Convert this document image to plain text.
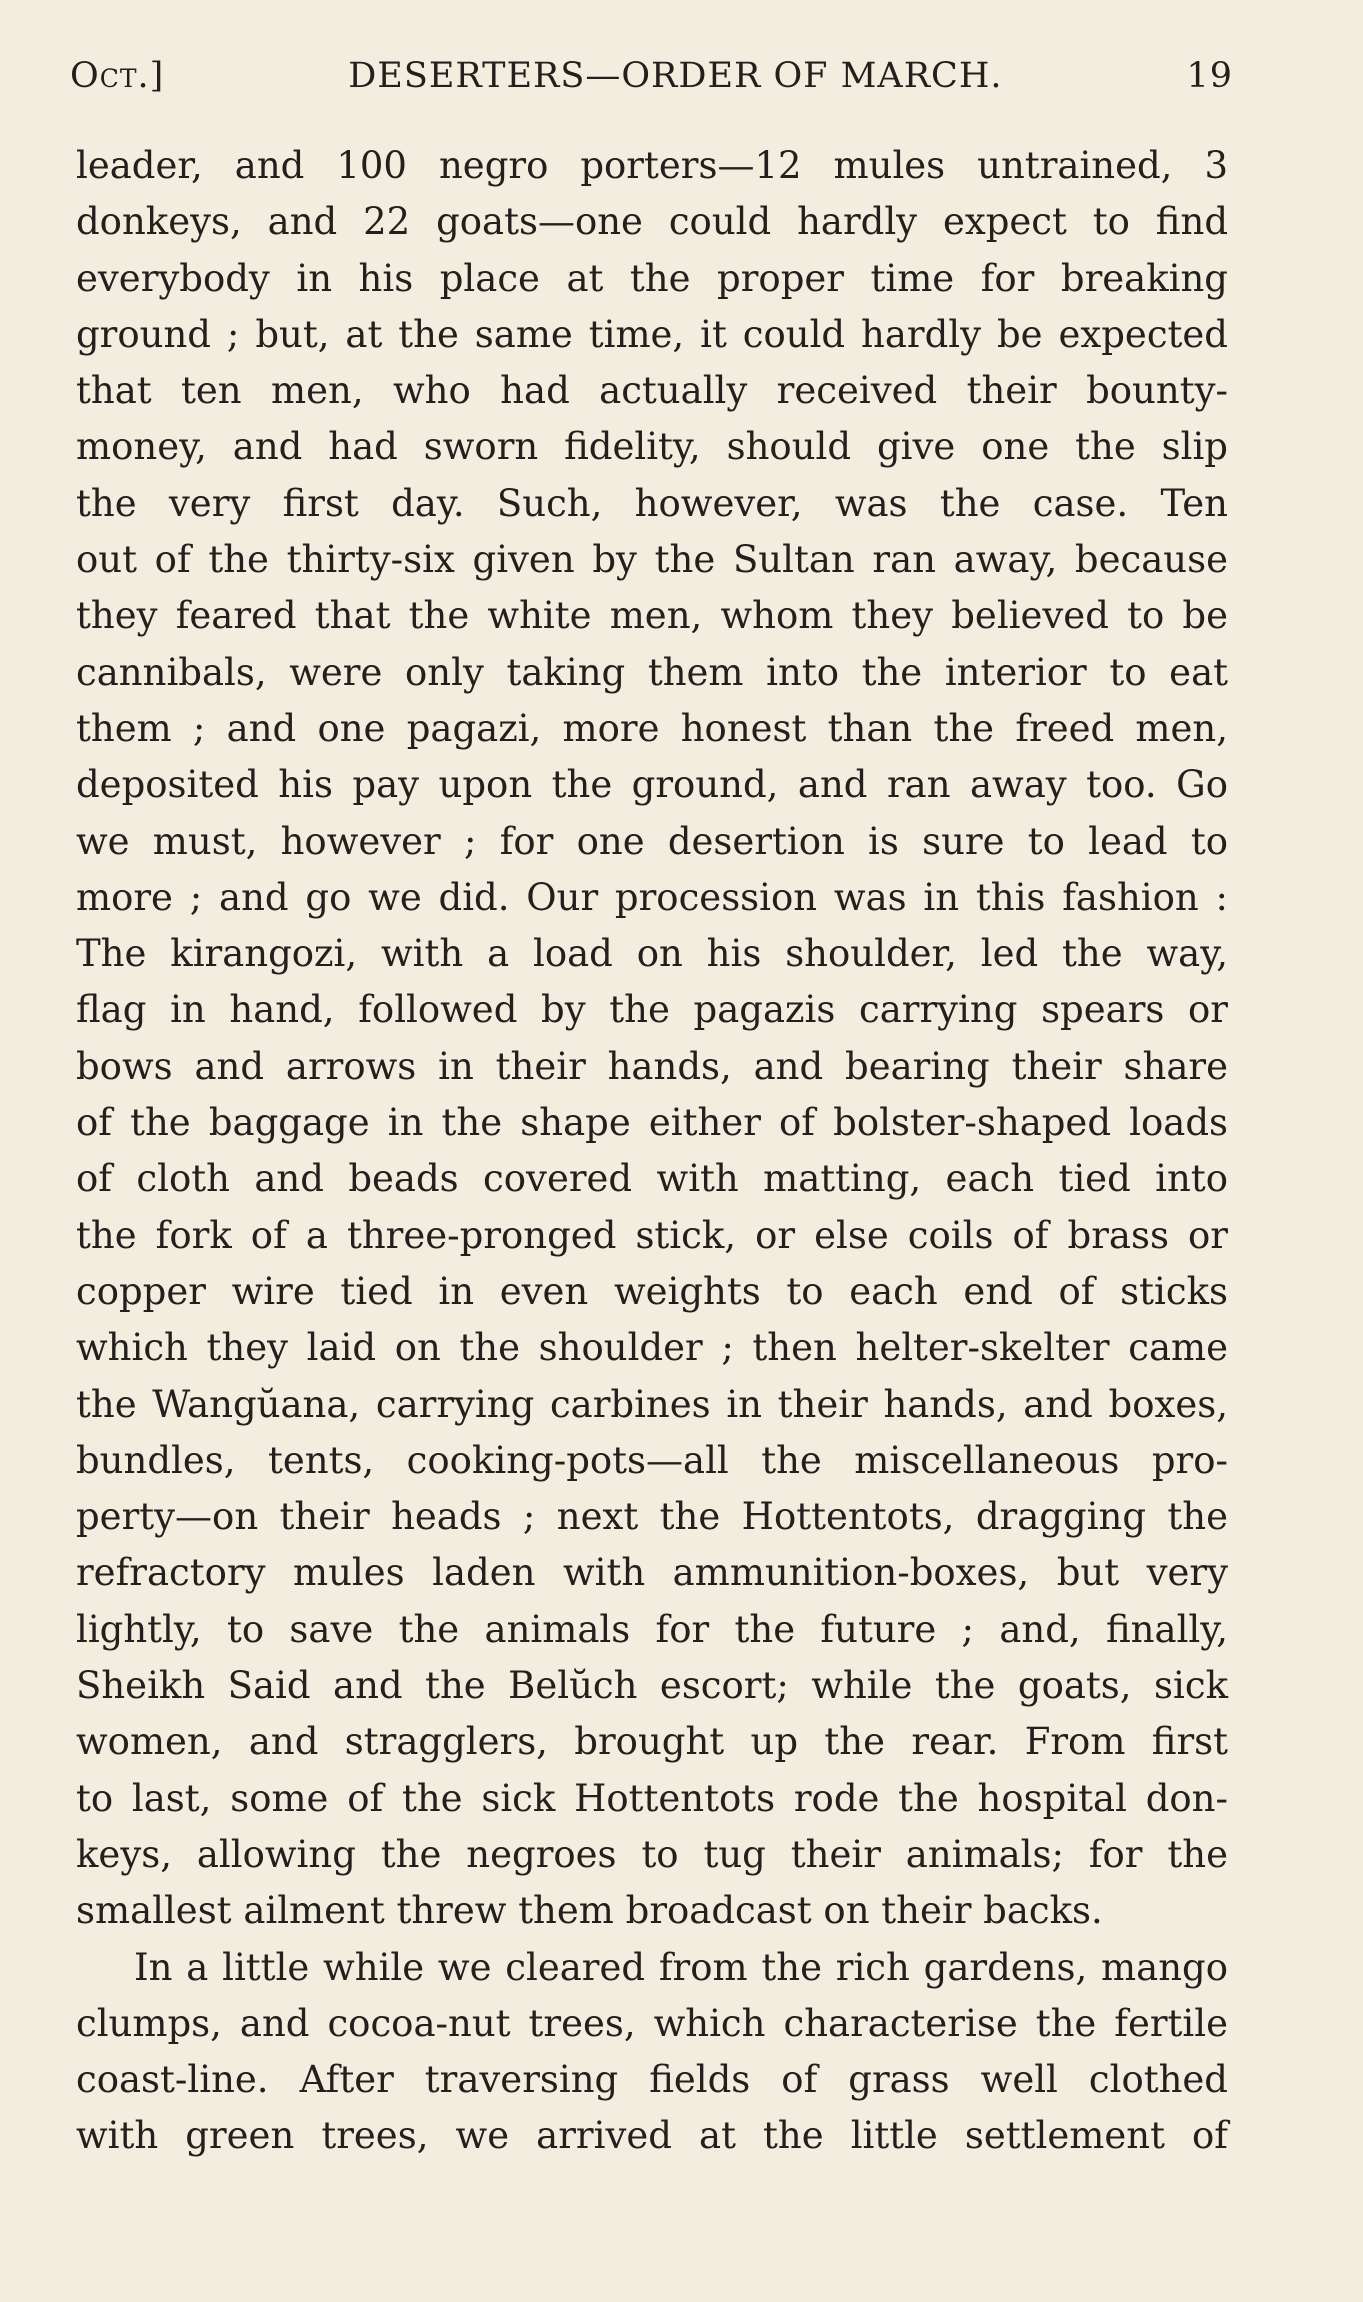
Oct.]	DESERTERS—ORDER OF MARCH.	19
leader, and 100 negro porters—12 mules untrained, 3
donkeys, and 22 goats—one could hardly expect to find
everybody in his place at the proper time for breaking
ground ; but, at the same time, it could hardly be expected
that ten men, who had actually received their bounty-
money, and had sworn fidelity, should give one the slip
the very first day. Such, however, was the case. Ten
out of the thirty-six given by the Sultan ran away, because
they feared that the white men, whom they believed to be
cannibals, were only taking them into the interior to eat
them ; and one pagazi, more honest than the freed men,
deposited his pay upon the ground, and ran away too. Go
we must, however ; for one desertion is sure to lead to
more ; and go we did. Our procession was in this fashion :
The kirangozi, with a load on his shoulder, led the way,
flag in hand, followed by the pagazis carrying spears or
bows and arrows in their hands, and bearing their share
of the baggage in the shape either of bolster-shaped loads
of cloth and beads covered with matting, each tied into
the fork of a three-pronged stick, or else coils of brass or
copper wire tied in even weights to each end of sticks
which they laid on the shoulder ; then helter-skelter came
the Wangŭana, carrying carbines in their hands, and boxes,
bundles, tents, cooking-pots—all the miscellaneous pro-
perty—on their heads ; next the Hottentots, dragging the
refractory mules laden with ammunition-boxes, but very
lightly, to save the animals for the future ; and, finally,
Sheikh Said and the Belŭch escort; while the goats, sick
women, and stragglers, brought up the rear. From first
to last, some of the sick Hottentots rode the hospital don-
keys, allowing the negroes to tug their animals; for the
smallest ailment threw them broadcast on their backs.
In a little while we cleared from the rich gardens, mango
clumps, and cocoa-nut trees, which characterise the fertile
coast-line. After traversing fields of grass well clothed
with green trees, we arrived at the little settlement of
